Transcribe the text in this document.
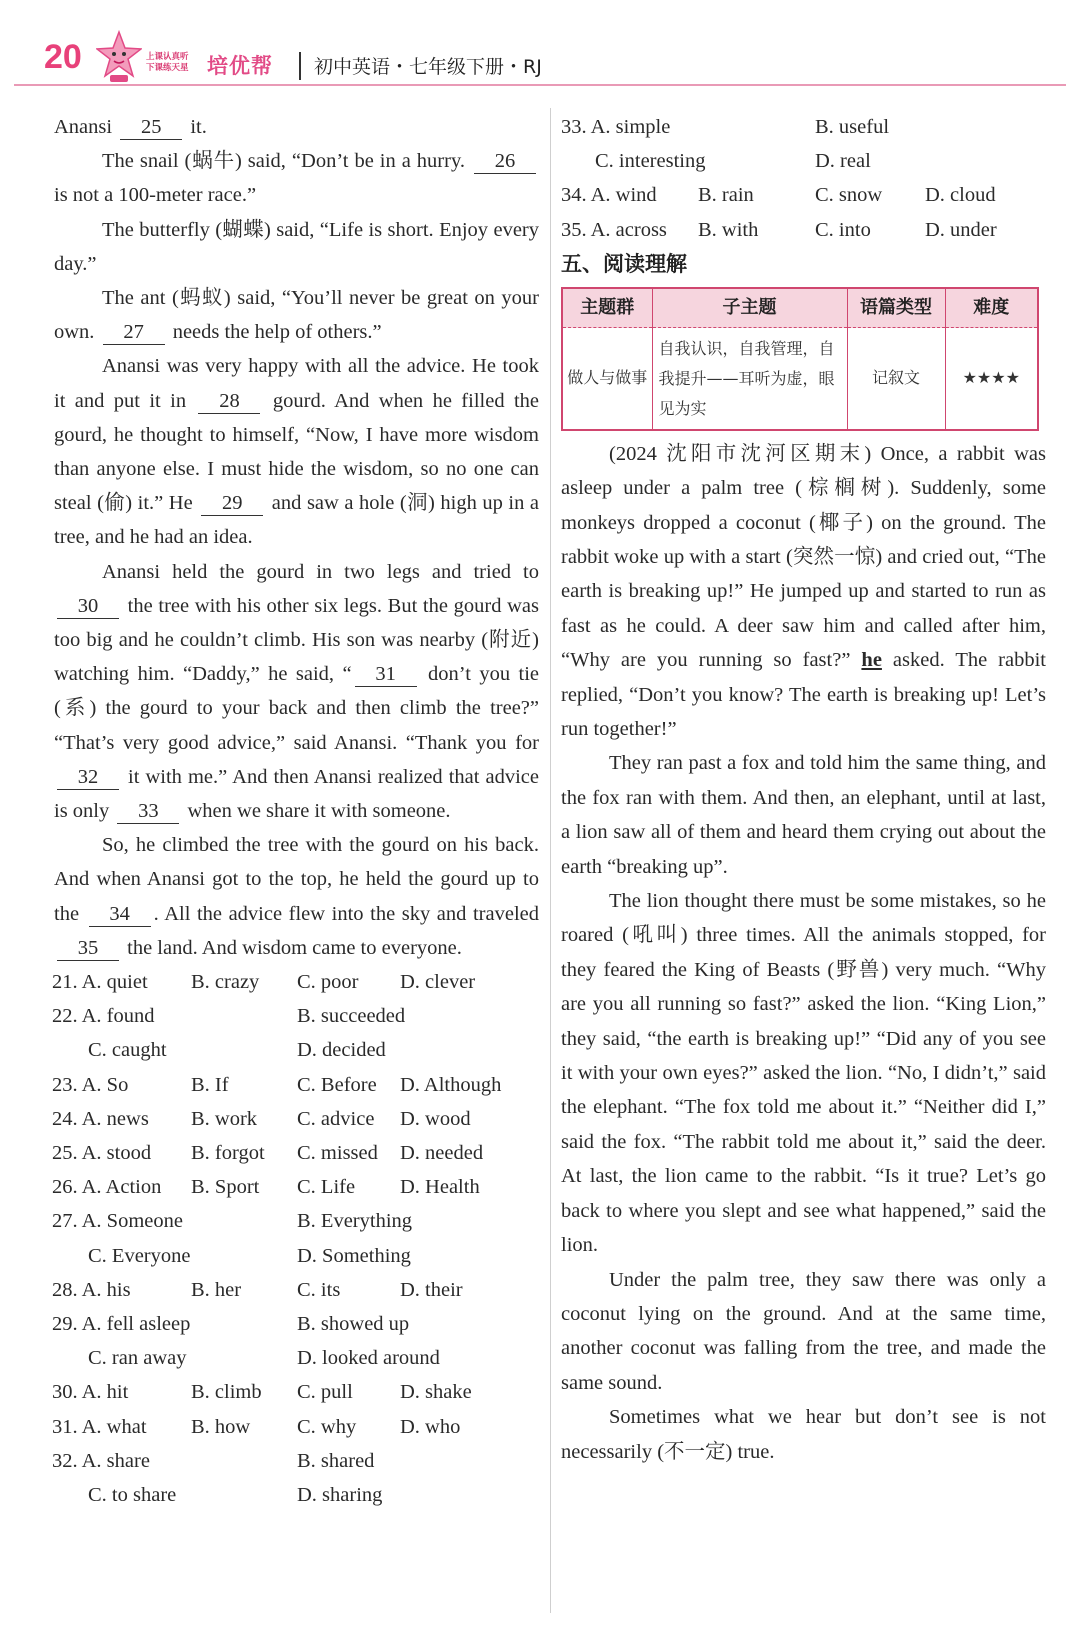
20	上课认真听
下课练天星 培优帮 初中英语・七年级下册・RJ
Anansi 25 it.
The snail (蜗牛) said, “Don’t be in a hurry. 26 is not a 100-meter race.”
The butterfly (蝴蝶) said, “Life is short. Enjoy every day.”
The ant (蚂蚁) said, “You’ll never be great on your own. 27 needs the help of others.”
Anansi was very happy with all the advice. He took it and put it in 28 gourd. And when he filled the gourd, he thought to himself, “Now, I have more wisdom than anyone else. I must hide the wisdom, so no one can steal (偷) it.” He 29 and saw a hole (洞) high up in a tree, and he had an idea.
Anansi held the gourd in two legs and tried to 30 the tree with his other six legs. But the gourd was too big and he couldn’t climb. His son was nearby (附近) watching him. “Daddy,” he said, “ 31 don’t you tie (系) the gourd to your back and then climb the tree?” “That’s very good advice,” said Anansi. “Thank you for 32 it with me.” And then Anansi realized that advice is only 33 when we share it with someone.
So, he climbed the tree with the gourd on his back. And when Anansi got to the top, he held the gourd up to the 34 . All the advice flew into the sky and traveled 35 the land. And wisdom came to everyone.
21. A. quiet B. crazy C. poor D. clever
22. A. found	B. succeeded
C. caught	D. decided
23. A. So	B. If	C. Before D. Although
24. A. news B. work C. advice D. wood
25. A. stood B. forgot C. missed D. needed
26. A. Action B. Sport C. Life D. Health
27. A. Someone	B. Everything
C. Everyone	D. Something
28. A. his	B. her	C. its	D. their
29. A. fell asleep	B. showed up
C. ran away	D. looked around
30. A. hit	B. climb C. pull D. shake
31. A. what B. how C. why D. who
32. A. share	B. shared
C. to share	D. sharing
33. A. simple	B. useful
C. interesting	D. real
34. A. wind B. rain	C. snow D. cloud
35. A. across B. with	C. into	D. under
五、阅读理解
主题群	子主题	语篇类型	难度
做人与做事	自我认识，自我管理，自我提升——耳听为虚，眼见为实	记叙文	★★★★
(2024 沈阳市沈河区期末) Once, a rabbit was asleep under a palm tree (棕榈树). Suddenly, some monkeys dropped a coconut (椰子) on the ground. The rabbit woke up with a start (突然一惊) and cried out, “The earth is breaking up!” He jumped up and started to run as fast as he could. A deer saw him and called after him, “Why are you running so fast?” he asked. The rabbit replied, “Don’t you know? The earth is breaking up! Let’s run together!”
They ran past a fox and told him the same thing, and the fox ran with them. And then, an elephant, until at last, a lion saw all of them and heard them crying out about the earth “breaking up”.
The lion thought there must be some mistakes, so he roared (吼叫) three times. All the animals stopped, for they feared the King of Beasts (野兽) very much. “Why are you all running so fast?” asked the lion. “King Lion,” they said, “the earth is breaking up!” “Did any of you see it with your own eyes?” asked the lion. “No, I didn’t,” said the elephant. “The fox told me about it.” “Neither did I,” said the fox. “The rabbit told me about it,” said the deer. At last, the lion came to the rabbit. “Is it true? Let’s go back to where you slept and see what happened,” said the lion.
Under the palm tree, they saw there was only a coconut lying on the ground. And at the same time, another coconut was falling from the tree, and made the same sound.
Sometimes what we hear but don’t see is not necessarily (不一定) true.
